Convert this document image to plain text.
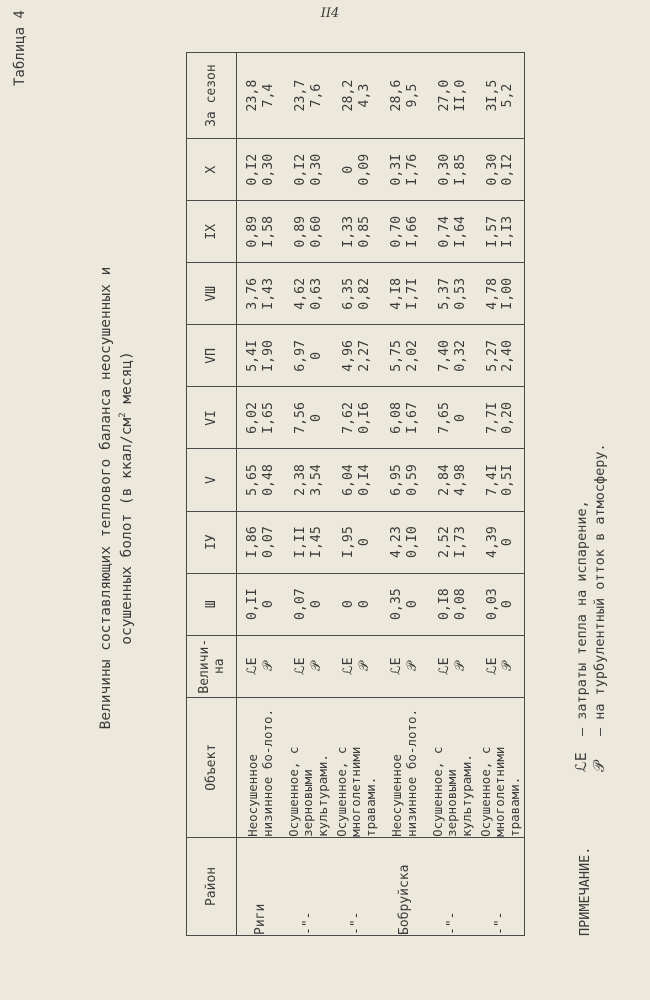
II4
Таблица 4
Величины составляющих теплового баланса неосушенных и осушенных болот (в ккал/$см^2$ месяц)
Район	Объект	Величи-на	Ш	IУ	V	VI	VП	VШ	IX	X	За сезон
Риги	Неосушенное низинное бо-лото.	ℒE 𝒫	0,II 0	I,86 0,07	5,65 0,48	6,02 I,65	5,4I I,90	3,76 I,43	0,89 I,58	0,I2 0,30	23,8 7,4

-"-	Осушенное, с зерновыми культурами.	ℒE 𝒫	0,07 0	I,II I,45	2,38 3,54	7,56 0	6,97 0	4,62 0,63	0,89 0,60	0,I2 0,30	23,7 7,6

-"-	Осушенное, с многолетними травами.	ℒE 𝒫	0 0	I,95 0	6,04 0,I4	7,62 0,I6	4,96 2,27	6,35 0,82	I,33 0,85	0 0,09	28,2 4,3

Бобруйска	Неосушенное низинное бо-лото.	ℒE 𝒫	0,35 0	4,23 0,I0	6,95 0,59	6,08 I,67	5,75 2,02	4,I8 I,7I	0,70 I,66	0,3I I,76	28,6 9,5

-"-	Осушенное, с зерновыми культурами.	ℒE 𝒫	0,I8 0,08	2,52 I,73	2,84 4,98	7,65 0	7,40 0,32	5,37 0,53	0,74 I,64	0,30 I,85	27,0 II,0

-"-	Осушенное, с многолетними травами.	ℒE 𝒫	0,03 0	4,39 0	7,4I 0,5I	7,7I 0,20	5,27 2,40	4,78 I,00	I,57 I,I3	0,30 0,I2	3I,5 5,2
ПРИМЕЧАНИЕ.
ℒE
– затраты тепла на испарение,
𝒫
– на турбулентный отток в атмосферу.
